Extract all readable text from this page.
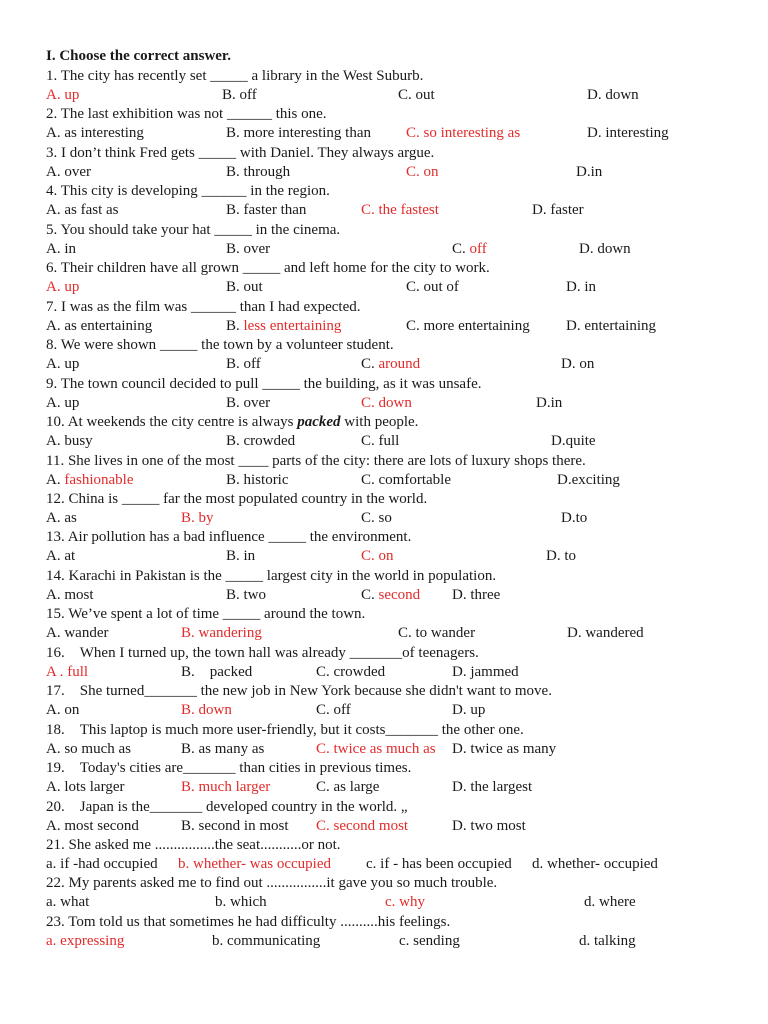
I. Choose the correct answer.
1. The city has recently set _____ a library in the West Suburb.
A. up	B. off	C. out	D. down
2. The last exhibition was not ______ this one.
A. as interesting	B. more interesting than C. so interesting as	D. interesting
3. I don’t think Fred gets _____ with Daniel. They always argue.
A. over	B. through	C. on	D.in
4. This city is developing ______ in the region.
A. as fast as	B. faster than	C. the fastest	D. faster
5. You should take your hat _____ in the cinema.
A. in	B. over	C. off	D. down
6. Their children have all grown _____ and left home for the city to work.
A. up	B. out	C. out of	D. in
7. I was as the film was ______ than I had expected.
A. as entertaining	B. less entertaining	C. more entertaining D. entertaining
8. We were shown _____ the town by a volunteer student.
A. up	B. off	C. around	D. on
9. The town council decided to pull _____ the building, as it was unsafe.
A. up	B. over	C. down	D.in
10. At weekends the city centre is always packed with people.
A. busy	B. crowded	C. full	D.quite
11. She lives in one of the most ____ parts of the city: there are lots of luxury shops there.
A. fashionable	B. historic	C. comfortable	D.exciting
12. China is _____ far the most populated country in the world.
A. as	B. by	C. so	D.to
13. Air pollution has a bad influence _____ the environment.
A. at	B. in	C. on	D. to
14. Karachi in Pakistan is the _____ largest city in the world in population.
A. most	B. two	C. second D. three
15. We’ve spent a lot of time _____ around the town.
A. wander	B. wandering	C. to wander	D. wandered
16.    When I turned up, the town hall was already _______of teenagers.
A . full	B.    packed	C. crowded	D. jammed
17.    She turned_______ the new job in New York because she didn't want to move.
A. on	B. down	C. off	D. up
18.    This laptop is much more user-friendly, but it costs_______ the other one.
A. so much as	B. as many as	C. twice as much as D. twice as many
19.    Today's cities are_______ than cities in previous times.
A. lots larger	B. much larger	C. as large	D. the largest
20.    Japan is the_______ developed country in the world. „
A. most second	B. second in most C. second most	D. two most
21. She asked me ................the seat...........or not.
a. if -had occupied b. whether- was occupied c. if - has been occupied d. whether- occupied
22. My parents asked me to find out ................it gave you so much trouble.
a. what	b. which	c. why	d. where
23. Tom told us that sometimes he had difficulty ..........his feelings.
a. expressing	b. communicating	c. sending	d. talking
